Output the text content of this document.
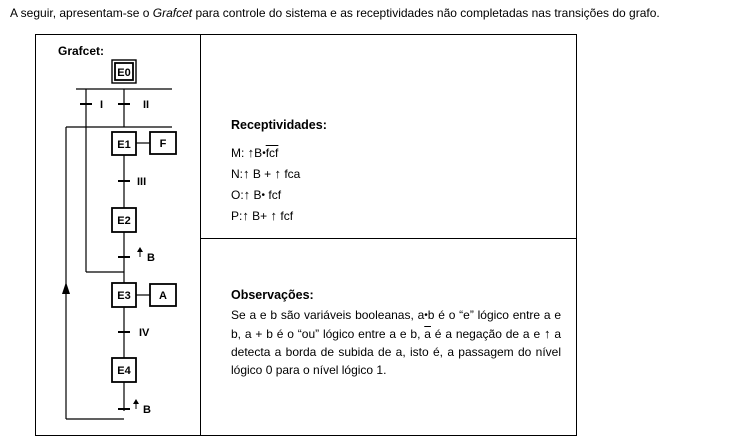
A seguir, apresentam-se o Grafcet para controle do sistema e as receptividades não completadas nas transições do grafo.
Grafcet:
E0
I	II
E1	F
III
E2
B
E3	A
IV
E4
B
Receptividades:
M: $↑B•\overline{fcf}$
N:↑ B + ↑ fca
O:↑ B• fcf
P:↑ B+ ↑ fcf
Observações:
Se a e b são variáveis booleanas, a•b é o “e” lógico entre a e b, a + b é o “ou” lógico entre a e b, $\overline{a}$ é a negação de a e ↑ a detecta a borda de subida de a, isto é, a passagem do nível lógico 0 para o nível lógico 1.
